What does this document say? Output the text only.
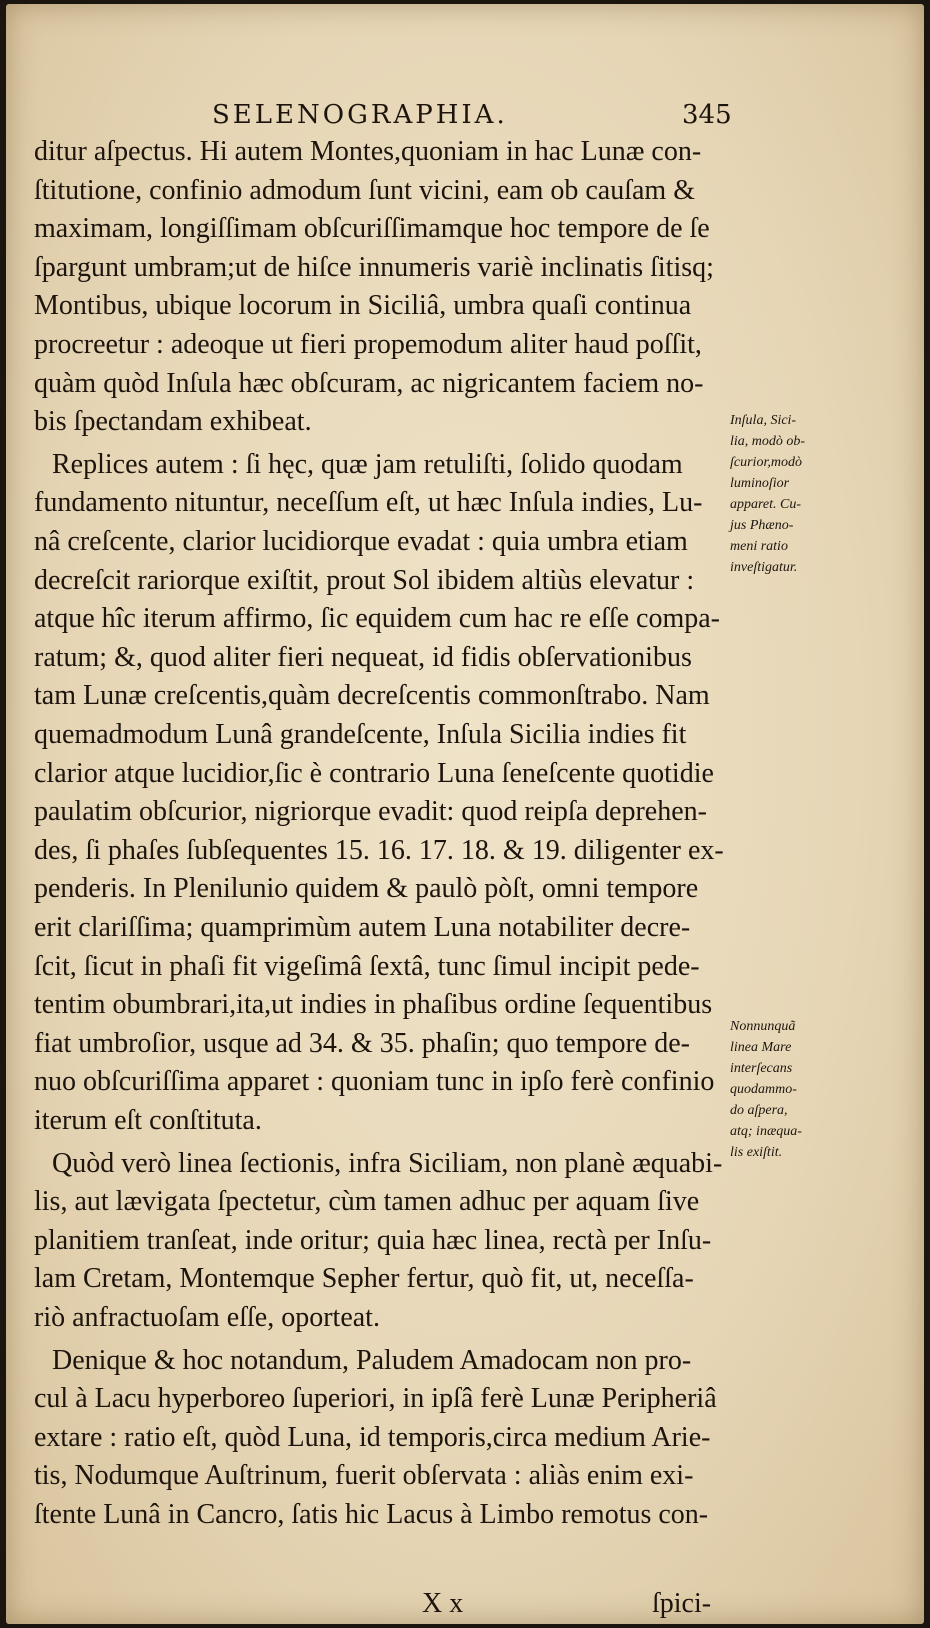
SELENOGRAPHIA.	345
ditur aſpectus. Hi autem Montes,quoniam in hac Lunæ con-
ſtitutione, confinio admodum ſunt vicini, eam ob cauſam &
maximam, longiſſimam obſcuriſſimamque hoc tempore de ſe
ſpargunt umbram;ut de hiſce innumeris variè inclinatis ſitisq;
Montibus, ubique locorum in Siciliâ, umbra quaſi continua
procreetur : adeoque ut fieri propemodum aliter haud poſſit,
quàm quòd Inſula hæc obſcuram, ac nigricantem faciem no-
bis ſpectandam exhibeat.
Replices autem : ſi hęc, quæ jam retuliſti, ſolido quodam
fundamento nituntur, neceſſum eſt, ut hæc Inſula indies, Lu-
nâ creſcente, clarior lucidiorque evadat : quia umbra etiam
decreſcit rariorque exiſtit, prout Sol ibidem altiùs elevatur :
atque hîc iterum affirmo, ſic equidem cum hac re eſſe compa-
ratum; &, quod aliter fieri nequeat, id fidis obſervationibus
tam Lunæ creſcentis,quàm decreſcentis commonſtrabo. Nam
quemadmodum Lunâ grandeſcente, Inſula Sicilia indies fit
clarior atque lucidior,ſic è contrario Luna ſeneſcente quotidie
paulatim obſcurior, nigriorque evadit: quod reipſa deprehen-
des, ſi phaſes ſubſequentes 15. 16. 17. 18. & 19. diligenter ex-
penderis. In Plenilunio quidem & paulò pòſt, omni tempore
erit clariſſima; quamprimùm autem Luna notabiliter decre-
ſcit, ſicut in phaſi fit vigeſimâ ſextâ, tunc ſimul incipit pede-
tentim obumbrari,ita,ut indies in phaſibus ordine ſequentibus
fiat umbroſior, usque ad 34. & 35. phaſin; quo tempore de-
nuo obſcuriſſima apparet : quoniam tunc in ipſo ferè confinio
iterum eſt conſtituta.
Quòd verò linea ſectionis, infra Siciliam, non planè æquabi-
lis, aut lævigata ſpectetur, cùm tamen adhuc per aquam ſive
planitiem tranſeat, inde oritur; quia hæc linea, rectà per Inſu-
lam Cretam, Montemque Sepher fertur, quò fit, ut, neceſſa-
riò anfractuoſam eſſe, oporteat.
Denique & hoc notandum, Paludem Amadocam non pro-
cul à Lacu hyperboreo ſuperiori, in ipſâ ferè Lunæ Peripheriâ
extare : ratio eſt, quòd Luna, id temporis,circa medium Arie-
tis, Nodumque Auſtrinum, fuerit obſervata : aliàs enim exi-
ſtente Lunâ in Cancro, ſatis hic Lacus à Limbo remotus con-
Inſula, Sici-
lia, modò ob-
ſcurior,modò
luminoſior
apparet. Cu-
jus Phæno-
meni ratio
inveſtigatur.
Nonnunquã
linea Mare
interſecans
quodammo-
do aſpera,
atq; inæqua-
lis exiſtit.
X x	ſpici-
